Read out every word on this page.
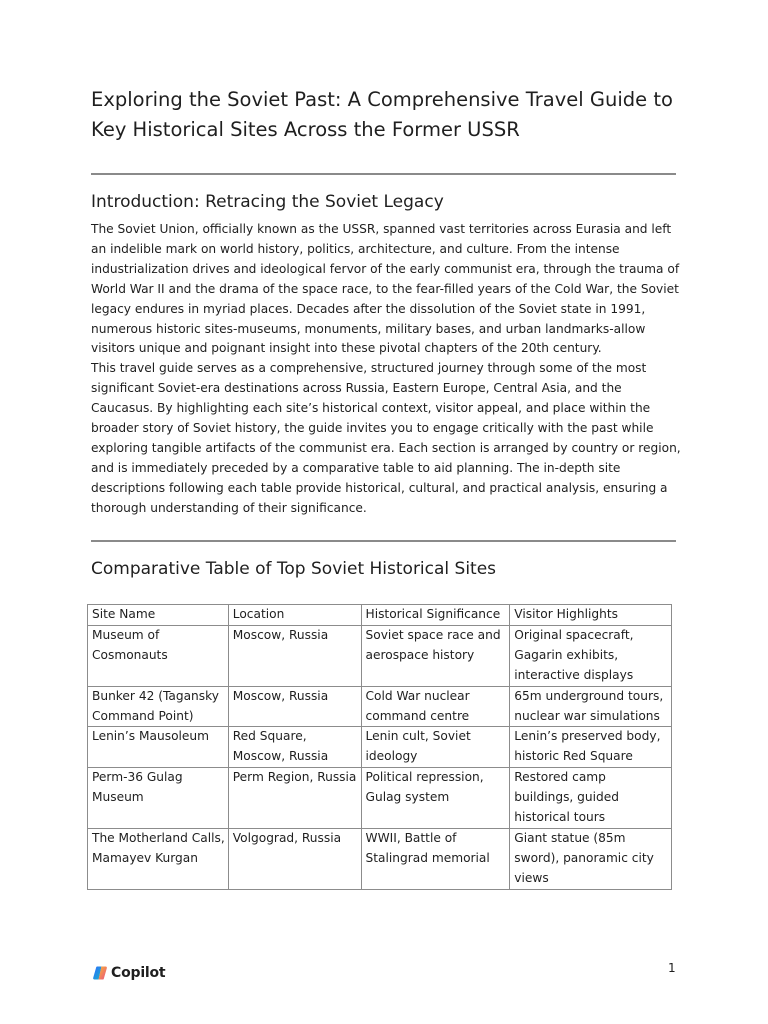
Exploring the Soviet Past: A Comprehensive Travel Guide to
Key Historical Sites Across the Former USSR
Introduction: Retracing the Soviet Legacy

The Soviet Union, officially known as the USSR, spanned vast territories across Eurasia and left an indelible mark on world history, politics, architecture, and culture. From the intense industrialization drives and ideological fervor of the early communist era, through the trauma of World War II and the drama of the space race, to the fear-filled years of the Cold War, the Soviet legacy endures in myriad places. Decades after the dissolution of the Soviet state in 1991, numerous historic sites-museums, monuments, military bases, and urban landmarks-allow visitors unique and poignant insight into these pivotal chapters of the 20th century.

This travel guide serves as a comprehensive, structured journey through some of the most significant Soviet-era destinations across Russia, Eastern Europe, Central Asia, and the Caucasus. By highlighting each site’s historical context, visitor appeal, and place within the broader story of Soviet history, the guide invites you to engage critically with the past while exploring tangible artifacts of the communist era. Each section is arranged by country or region, and is immediately preceded by a comparative table to aid planning. The in-depth site descriptions following each table provide historical, cultural, and practical analysis, ensuring a thorough understanding of their significance.

Comparative Table of Top Soviet Historical Sites
Site Name	Location	Historical Significance	Visitor Highlights
Museum of Cosmonauts	Moscow, Russia	Soviet space race and aerospace history	Original spacecraft, Gagarin exhibits, interactive displays
Bunker 42 (Tagansky Command Point)	Moscow, Russia	Cold War nuclear command centre	65m underground tours, nuclear war simulations
Lenin’s Mausoleum	Red Square, Moscow, Russia	Lenin cult, Soviet ideology	Lenin’s preserved body, historic Red Square
Perm-36 Gulag Museum	Perm Region, Russia	Political repression, Gulag system	Restored camp buildings, guided historical tours
The Motherland Calls, Mamayev Kurgan	Volgograd, Russia	WWII, Battle of Stalingrad memorial	Giant statue (85m sword), panoramic city views
Copilot	1
